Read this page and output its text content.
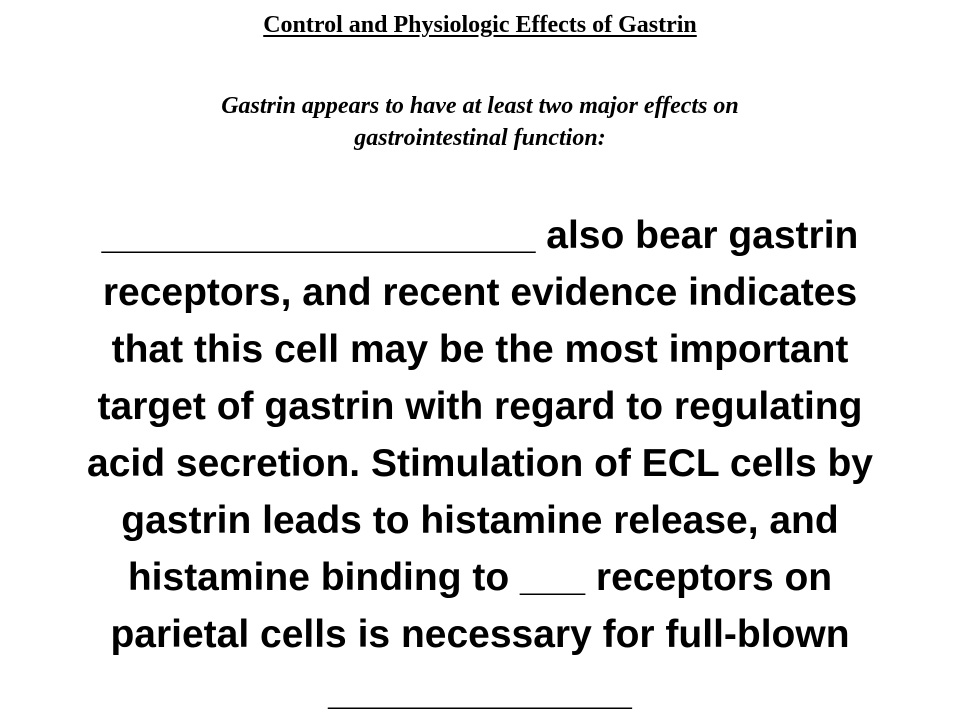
Control and Physiologic Effects of Gastrin
Gastrin appears to have at least two major effects on
gastrointestinal function:
____________________ also bear gastrin
receptors, and recent evidence indicates
that this cell may be the most important
target of gastrin with regard to regulating
acid secretion. Stimulation of ECL cells by
gastrin leads to histamine release, and
histamine binding to ___ receptors on
parietal cells is necessary for full-blown
______________
